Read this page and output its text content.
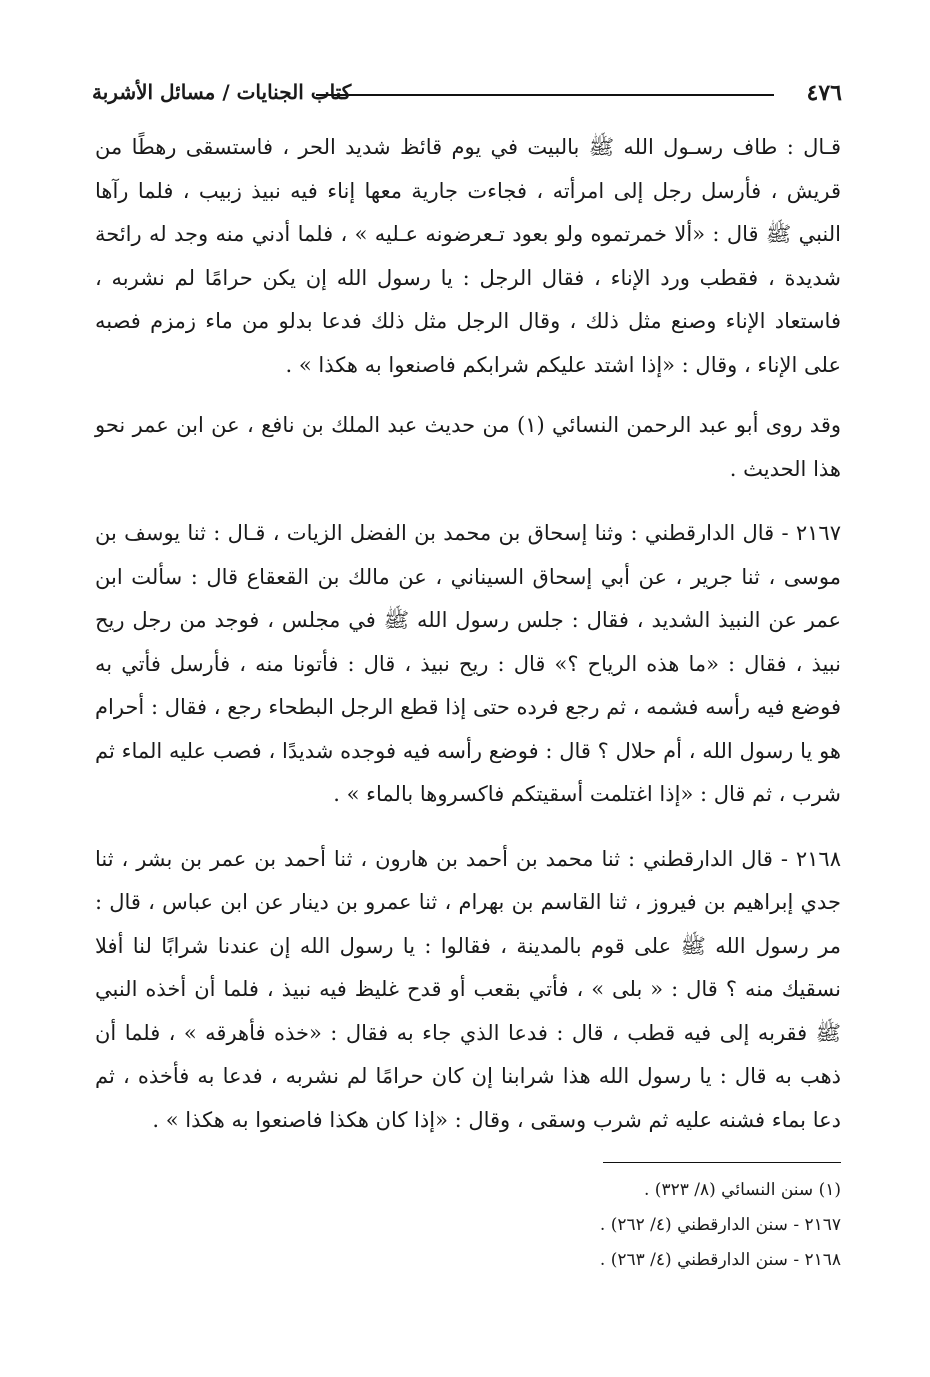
٤٧٦
كتاب الجنايات / مسائل الأشربة

قـال : طاف رسـول الله ﷺ بالبيت في يوم قائظ شديد الحر ، فاستسقى رهطًا من قريش ، فأرسل رجل إلى امرأته ، فجاءت جارية معها إناء فيه نبيذ زبيب ، فلما رآها النبي ﷺ قال : «ألا خمرتموه ولو بعود تـعرضونه عـليه » ، فلما أدني منه وجد له رائحة شديدة ، فقطب ورد الإناء ، فقال الرجل : يا رسول الله إن يكن حرامًا لم نشربه ، فاستعاد الإناء وصنع مثل ذلك ، وقال الرجل مثل ذلك فدعا بدلو من ماء زمزم فصبه على الإناء ، وقال : «إذا اشتد عليكم شرابكم فاصنعوا به هكذا » .

وقد روى أبو عبد الرحمن النسائي (١) من حديث عبد الملك بن نافع ، عن ابن عمر نحو هذا الحديث .

٢١٦٧ - قال الدارقطني : وثنا إسحاق بن محمد بن الفضل الزيات ، قـال : ثنا يوسف بن موسى ، ثنا جرير ، عن أبي إسحاق السيناني ، عن مالك بن القعقاع قال : سألت ابن عمر عن النبيذ الشديد ، فقال : جلس رسول الله ﷺ في مجلس ، فوجد من رجل ريح نبيذ ، فقال : «ما هذه الرياح ؟» قال : ريح نبيذ ، قال : فأتونا منه ، فأرسل فأتي به فوضع فيه رأسه فشمه ، ثم رجع فرده حتى إذا قطع الرجل البطحاء رجع ، فقال : أحرام هو يا رسول الله ، أم حلال ؟ قال : فوضع رأسه فيه فوجده شديدًا ، فصب عليه الماء ثم شرب ، ثم قال : «إذا اغتلمت أسقيتكم فاكسروها بالماء » .

٢١٦٨ - قال الدارقطني : ثنا محمد بن أحمد بن هارون ، ثنا أحمد بن عمر بن بشر ، ثنا جدي إبراهيم بن فيروز ، ثنا القاسم بن بهرام ، ثنا عمرو بن دينار عن ابن عباس ، قال : مر رسول الله ﷺ على قوم بالمدينة ، فقالوا : يا رسول الله إن عندنا شرابًا لنا أفلا نسقيك منه ؟ قال : « بلى » ، فأتي بقعب أو قدح غليظ فيه نبيذ ، فلما أن أخذه النبي ﷺ فقربه إلى فيه قطب ، قال : فدعا الذي جاء به فقال : «خذه فأهرقه » ، فلما أن ذهب به قال : يا رسول الله هذا شرابنا إن كان حرامًا لم نشربه ، فدعا به فأخذه ، ثم دعا بماء فشنه عليه ثم شرب وسقى ، وقال : «إذا كان هكذا فاصنعوا به هكذا » .

(١) سنن النسائي (٨/ ٣٢٣) .

٢١٦٧ - سنن الدارقطني (٤/ ٢٦٢) .

٢١٦٨ - سنن الدارقطني (٤/ ٢٦٣) .
